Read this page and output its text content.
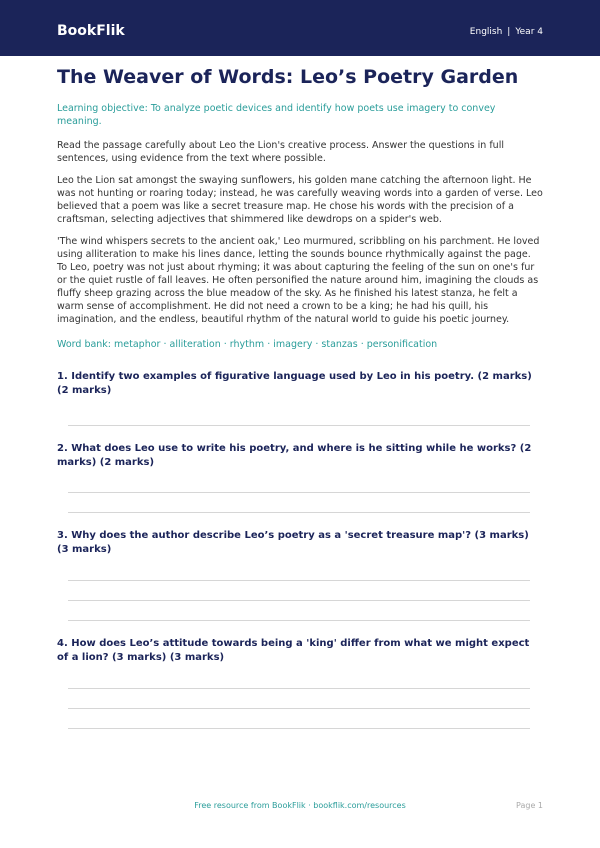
BookFlik	English | Year 4
The Weaver of Words: Leo’s Poetry Garden
Learning objective: To analyze poetic devices and identify how poets use imagery to convey meaning.

Read the passage carefully about Leo the Lion's creative process. Answer the questions in full sentences, using evidence from the text where possible.

Leo the Lion sat amongst the swaying sunflowers, his golden mane catching the afternoon light. He was not hunting or roaring today; instead, he was carefully weaving words into a garden of verse. Leo believed that a poem was like a secret treasure map. He chose his words with the precision of a craftsman, selecting adjectives that shimmered like dewdrops on a spider's web.

'The wind whispers secrets to the ancient oak,' Leo murmured, scribbling on his parchment. He loved using alliteration to make his lines dance, letting the sounds bounce rhythmically against the page. To Leo, poetry was not just about rhyming; it was about capturing the feeling of the sun on one's fur or the quiet rustle of fall leaves. He often personified the nature around him, imagining the clouds as fluffy sheep grazing across the blue meadow of the sky. As he finished his latest stanza, he felt a warm sense of accomplishment. He did not need a crown to be a king; he had his quill, his imagination, and the endless, beautiful rhythm of the natural world to guide his poetic journey.

Word bank: metaphor · alliteration · rhythm · imagery · stanzas · personification
1. Identify two examples of figurative language used by Leo in his poetry. (2 marks) (2 marks)
2. What does Leo use to write his poetry, and where is he sitting while he works? (2 marks) (2 marks)
3. Why does the author describe Leo’s poetry as a 'secret treasure map'? (3 marks) (3 marks)
4. How does Leo’s attitude towards being a 'king' differ from what we might expect of a lion? (3 marks) (3 marks)
Free resource from BookFlik · bookflik.com/resources	Page 1
